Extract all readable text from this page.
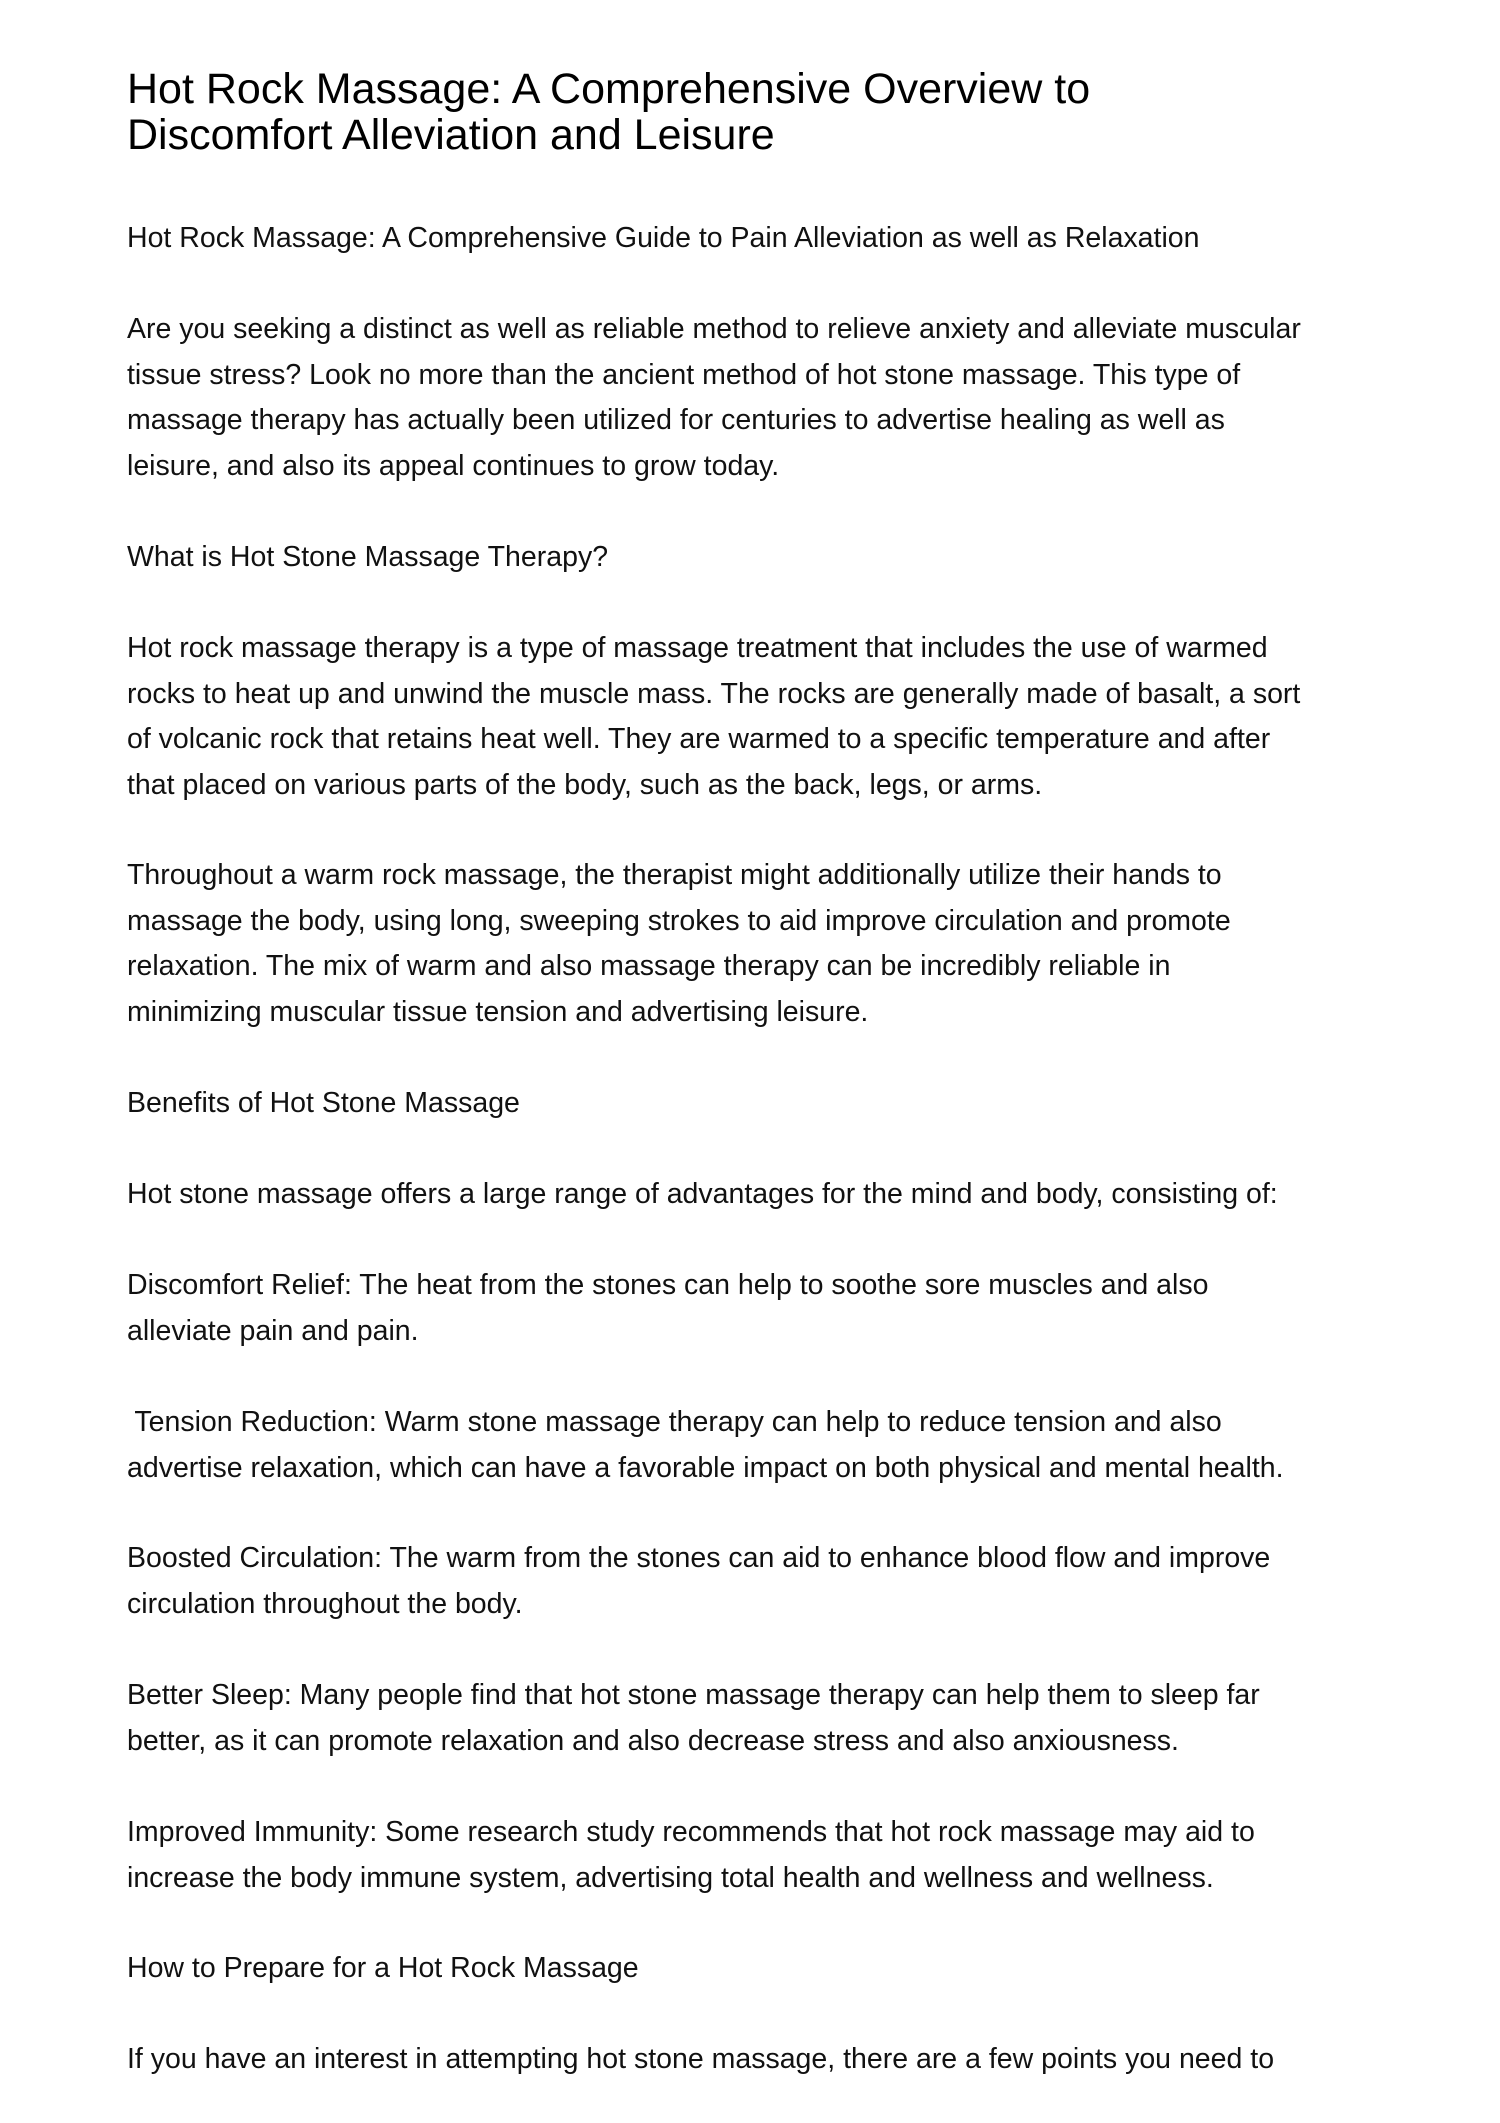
Hot Rock Massage: A Comprehensive Overview to
Discomfort Alleviation and Leisure

Hot Rock Massage: A Comprehensive Guide to Pain Alleviation as well as Relaxation

Are you seeking a distinct as well as reliable method to relieve anxiety and alleviate muscular
tissue stress? Look no more than the ancient method of hot stone massage. This type of
massage therapy has actually been utilized for centuries to advertise healing as well as
leisure, and also its appeal continues to grow today.

What is Hot Stone Massage Therapy?

Hot rock massage therapy is a type of massage treatment that includes the use of warmed
rocks to heat up and unwind the muscle mass. The rocks are generally made of basalt, a sort
of volcanic rock that retains heat well. They are warmed to a specific temperature and after
that placed on various parts of the body, such as the back, legs, or arms.

Throughout a warm rock massage, the therapist might additionally utilize their hands to
massage the body, using long, sweeping strokes to aid improve circulation and promote
relaxation. The mix of warm and also massage therapy can be incredibly reliable in
minimizing muscular tissue tension and advertising leisure.

Benefits of Hot Stone Massage

Hot stone massage offers a large range of advantages for the mind and body, consisting of:

Discomfort Relief: The heat from the stones can help to soothe sore muscles and also
alleviate pain and pain.

Tension Reduction: Warm stone massage therapy can help to reduce tension and also
advertise relaxation, which can have a favorable impact on both physical and mental health.

Boosted Circulation: The warm from the stones can aid to enhance blood flow and improve
circulation throughout the body.

Better Sleep: Many people find that hot stone massage therapy can help them to sleep far
better, as it can promote relaxation and also decrease stress and also anxiousness.

Improved Immunity: Some research study recommends that hot rock massage may aid to
increase the body immune system, advertising total health and wellness and wellness.

How to Prepare for a Hot Rock Massage

If you have an interest in attempting hot stone massage, there are a few points you need to
